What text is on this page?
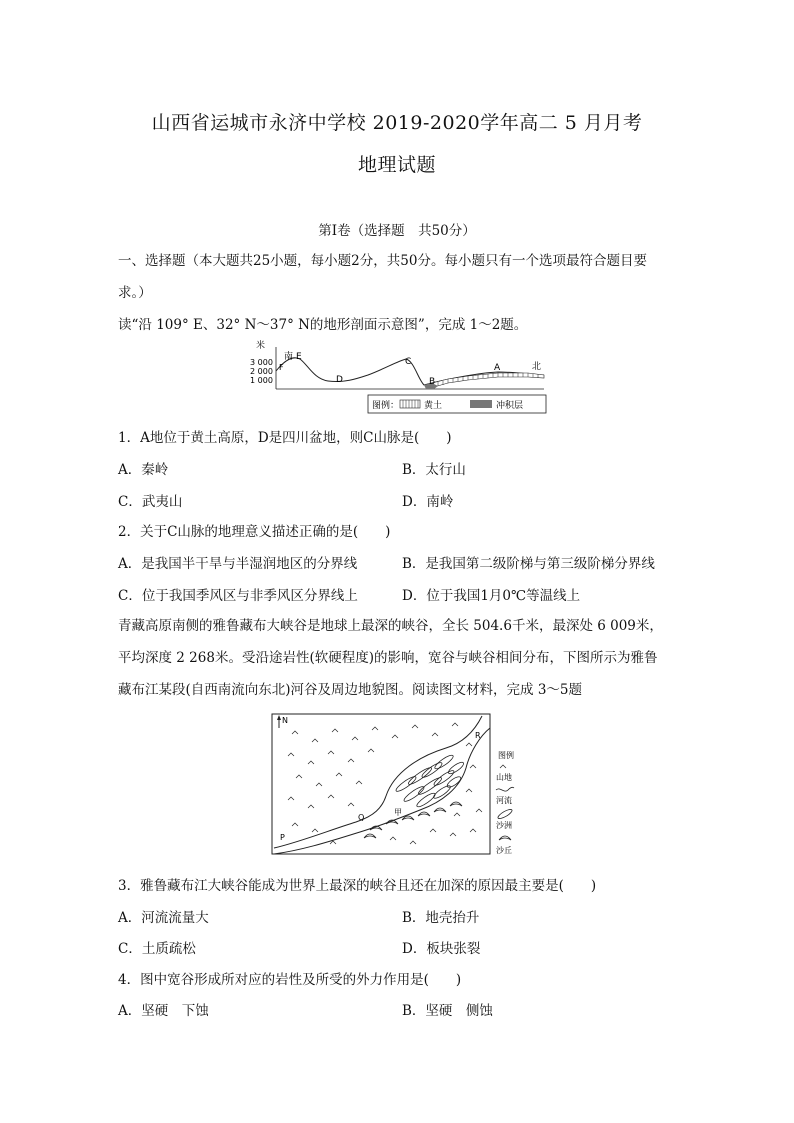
山西省运城市永济中学校 2019-2020学年高二 5 月月考
地理试题
第Ⅰ卷（选择题　共50分）
一、选择题（本大题共25小题，每小题2分，共50分。每小题只有一个选项最符合题目要
求。）
读“沿 109° E、32° N～37° N的地形剖面示意图”，完成 1～2题。
米
3 000
2 000
1 000
南 E
F
D
C
B
A	北
图例：	黄土	冲积层
1．A地位于黄土高原，D是四川盆地，则C山脉是(　　)
A．秦岭	B．太行山
C．武夷山	D．南岭
2．关于C山脉的地理意义描述正确的是(　　)
A．是我国半干旱与半湿润地区的分界线	B．是我国第二级阶梯与第三级阶梯分界线
C．位于我国季风区与非季风区分界线上	D．位于我国1月0℃等温线上
青藏高原南侧的雅鲁藏布大峡谷是地球上最深的峡谷，全长 504.6千米，最深处 6 009米，
平均深度 2 268米。受沿途岩性(软硬程度)的影响，宽谷与峡谷相间分布，下图所示为雅鲁
藏布江某段(自西南流向东北)河谷及周边地貌图。阅读图文材料，完成 3～5题
N
R
Q
甲
P
图例
山地
河流
沙洲
沙丘
3．雅鲁藏布江大峡谷能成为世界上最深的峡谷且还在加深的原因最主要是(　　)
A．河流流量大	B．地壳抬升
C．土质疏松	D．板块张裂
4．图中宽谷形成所对应的岩性及所受的外力作用是(　　)
A．坚硬　下蚀	B．坚硬　侧蚀
